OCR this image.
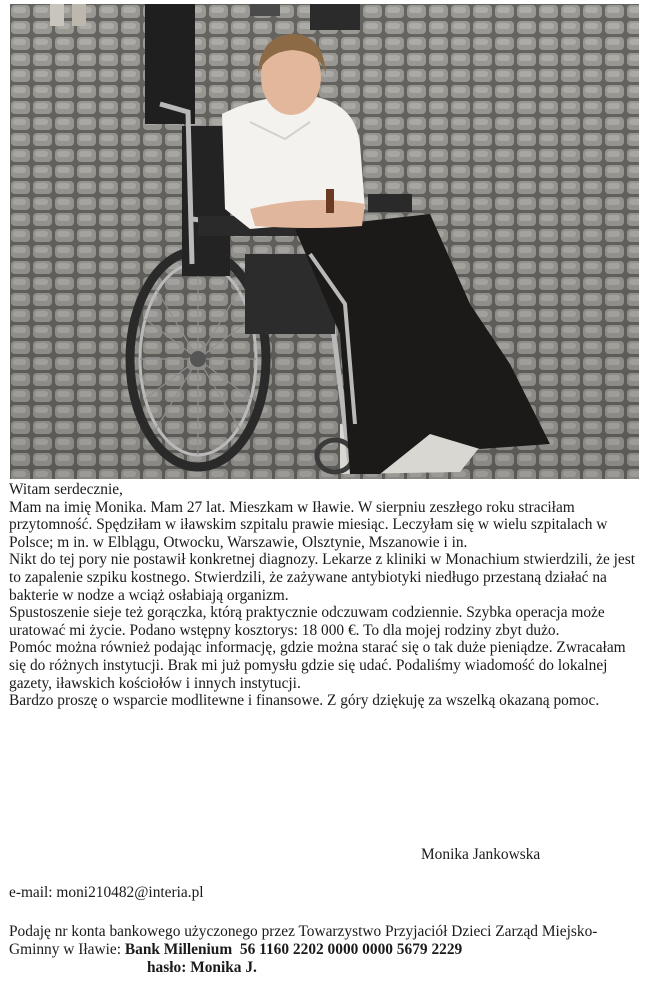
Witam serdecznie,

Mam na imię Monika. Mam 27 lat. Mieszkam w Iławie. W sierpniu zeszłego roku straciłam przytomność. Spędziłam w iławskim szpitalu prawie miesiąc. Leczyłam się w wielu szpitalach w Polsce; m in. w Elblągu, Otwocku, Warszawie, Olsztynie, Mszanowie i in.

Nikt do tej pory nie postawił konkretnej diagnozy. Lekarze z kliniki w Monachium stwierdzili, że jest to zapalenie szpiku kostnego. Stwierdzili, że zażywane antybiotyki niedługo przestaną działać na bakterie w nodze a wciąż osłabiają organizm.

Spustoszenie sieje też gorączka, którą praktycznie odczuwam codziennie. Szybka operacja może uratować mi życie. Podano wstępny kosztorys: 18 000 €. To dla mojej rodziny zbyt dużo.

Pomóc można również podając informację, gdzie można starać się o tak duże pieniądze. Zwracałam się do różnych instytucji. Brak mi już pomysłu gdzie się udać. Podaliśmy wiadomość do lokalnej gazety, iławskich kościołów i innych instytucji.

Bardzo proszę o wsparcie modlitewne i finansowe. Z góry dziękuję za wszelką okazaną pomoc.

Monika Jankowska
e-mail: moni210482@interia.pl

Podaję nr konta bankowego użyczonego przez Towarzystwo Przyjaciół Dzieci Zarząd Miejsko-Gminny w Iławie: Bank Millenium 56 1160 2202 0000 0000 5679 2229

hasło: Monika J.
